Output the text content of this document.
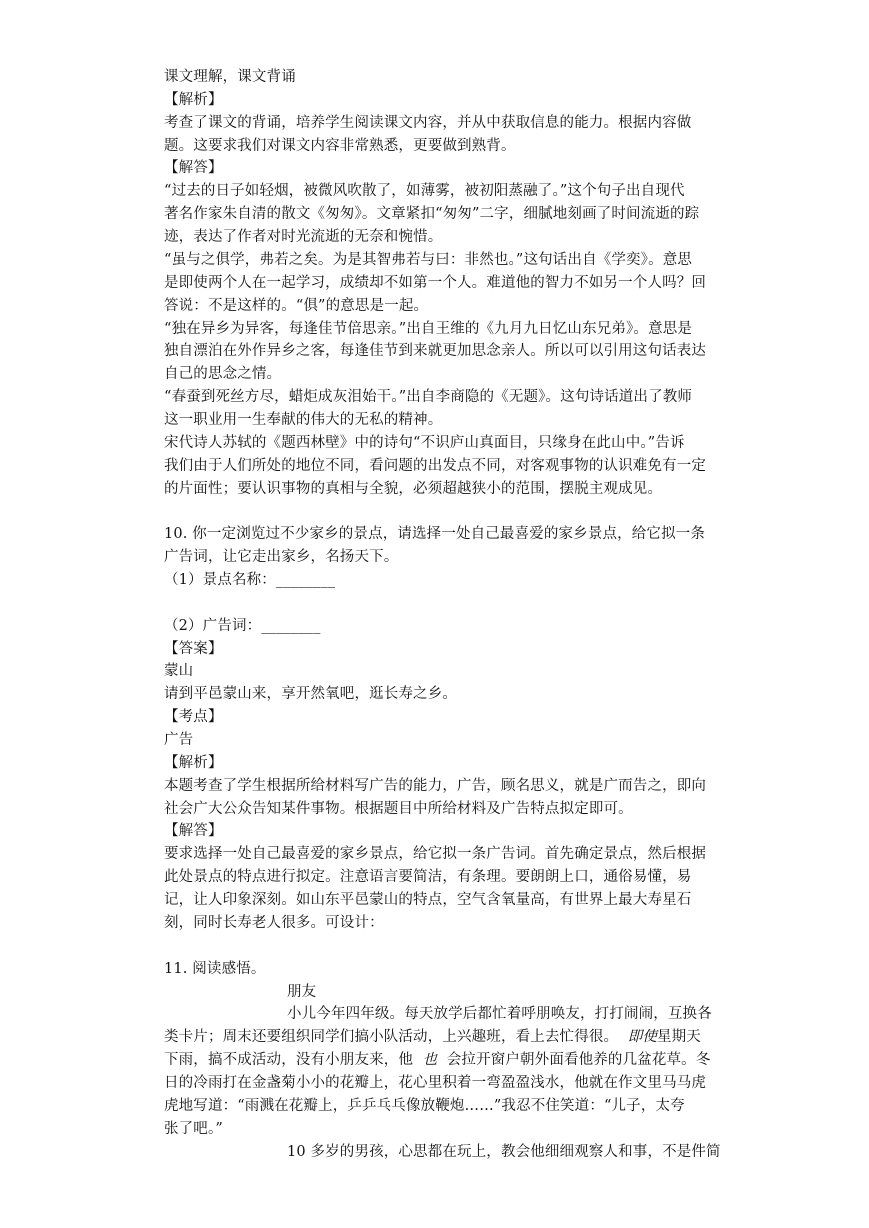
课文理解，课文背诵
【解析】
考查了课文的背诵，培养学生阅读课文内容，并从中获取信息的能力。根据内容做
题。这要求我们对课文内容非常熟悉，更要做到熟背。
【解答】
“过去的日子如轻烟，被微风吹散了，如薄雾，被初阳蒸融了。”这个句子出自现代
著名作家朱自清的散文《匆匆》。文章紧扣“匆匆”二字，细腻地刻画了时间流逝的踪
迹，表达了作者对时光流逝的无奈和惋惜。
“虽与之俱学，弗若之矣。为是其智弗若与曰：非然也。”这句话出自《学奕》。意思
是即使两个人在一起学习，成绩却不如第一个人。难道他的智力不如另一个人吗？回
答说：不是这样的。“俱”的意思是一起。
“独在异乡为异客，每逢佳节倍思亲。”出自王维的《九月九日忆山东兄弟》。意思是
独自漂泊在外作异乡之客，每逢佳节到来就更加思念亲人。所以可以引用这句话表达
自己的思念之情。
“春蚕到死丝方尽，蜡炬成灰泪始干。”出自李商隐的《无题》。这句诗话道出了教师
这一职业用一生奉献的伟大的无私的精神。
宋代诗人苏轼的《题西林壁》中的诗句“不识庐山真面目，只缘身在此山中。”告诉
我们由于人们所处的地位不同，看问题的出发点不同，对客观事物的认识难免有一定
的片面性；要认识事物的真相与全貌，必须超越狭小的范围，摆脱主观成见。
10. 你一定浏览过不少家乡的景点，请选择一处自己最喜爱的家乡景点，给它拟一条
广告词，让它走出家乡，名扬天下。
（1）景点名称：________
（2）广告词：________
【答案】
蒙山
请到平邑蒙山来，享开然氧吧，逛长寿之乡。
【考点】
广告
【解析】
本题考查了学生根据所给材料写广告的能力，广告，顾名思义，就是广而告之，即向
社会广大公众告知某件事物。根据题目中所给材料及广告特点拟定即可。
【解答】
要求选择一处自己最喜爱的家乡景点，给它拟一条广告词。首先确定景点，然后根据
此处景点的特点进行拟定。注意语言要简洁，有条理。要朗朗上口，通俗易懂，易
记，让人印象深刻。如山东平邑蒙山的特点，空气含氧量高，有世界上最大寿星石
刻，同时长寿老人很多。可设计：
11. 阅读感悟。
朋友
小儿今年四年级。每天放学后都忙着呼朋唤友，打打闹闹，互换各
类卡片；周末还要组织同学们搞小队活动，上兴趣班，看上去忙得很。 即使星期天
下雨，搞不成活动，没有小朋友来，他 也 会拉开窗户朝外面看他养的几盆花草。冬
日的冷雨打在金盏菊小小的花瓣上，花心里积着一弯盈盈浅水，他就在作文里马马虎
虎地写道：“雨溅在花瓣上，乒乒乓乓像放鞭炮……”我忍不住笑道：“儿子，太夸
张了吧。”
10 多岁的男孩，心思都在玩上，教会他细细观察人和事，不是件简
